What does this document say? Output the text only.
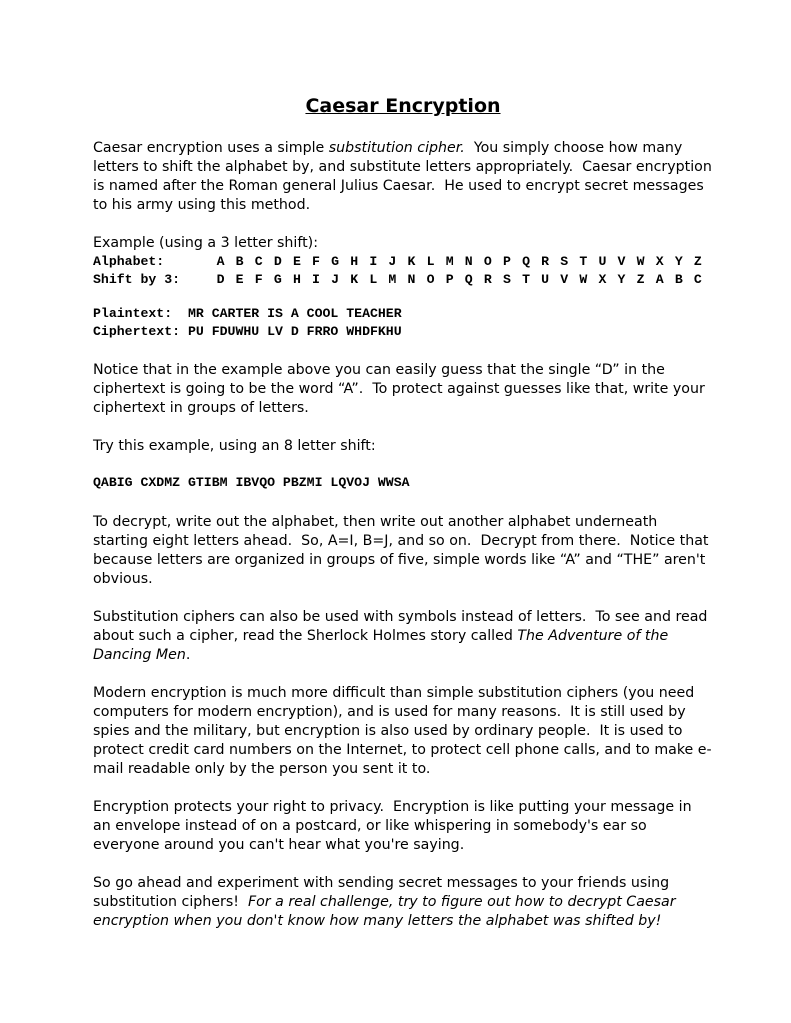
Caesar Encryption

Caesar encryption uses a simple substitution cipher.  You simply choose how many letters to shift the alphabet by, and substitute letters appropriately.  Caesar encryption is named after the Roman general Julius Caesar.  He used to encrypt secret messages to his army using this method.

Example (using a 3 letter shift):
Alphabet:	A B C D E F G H I J K L M N O P Q R S T U V W X Y Z
Shift by 3:	D E F G H I J K L M N O P Q R S T U V W X Y Z A B C
Plaintext:  MR CARTER IS A COOL TEACHER
Ciphertext: PU FDUWHU LV D FRRO WHDFKHU

Notice that in the example above you can easily guess that the single “D” in the ciphertext is going to be the word “A”.  To protect against guesses like that, write your ciphertext in groups of letters.

Try this example, using an 8 letter shift:

QABIG CXDMZ GTIBM IBVQO PBZMI LQVOJ WWSA

To decrypt, write out the alphabet, then write out another alphabet underneath starting eight letters ahead.  So, A=I, B=J, and so on.  Decrypt from there.  Notice that because letters are organized in groups of five, simple words like “A” and “THE” aren't obvious.

Substitution ciphers can also be used with symbols instead of letters.  To see and read about such a cipher, read the Sherlock Holmes story called The Adventure of the Dancing Men.

Modern encryption is much more difficult than simple substitution ciphers (you need computers for modern encryption), and is used for many reasons.  It is still used by spies and the military, but encryption is also used by ordinary people.  It is used to protect credit card numbers on the Internet, to protect cell phone calls, and to make e-mail readable only by the person you sent it to.

Encryption protects your right to privacy.  Encryption is like putting your message in an envelope instead of on a postcard, or like whispering in somebody's ear so everyone around you can't hear what you're saying.

So go ahead and experiment with sending secret messages to your friends using substitution ciphers!  For a real challenge, try to figure out how to decrypt Caesar encryption when you don't know how many letters the alphabet was shifted by!
